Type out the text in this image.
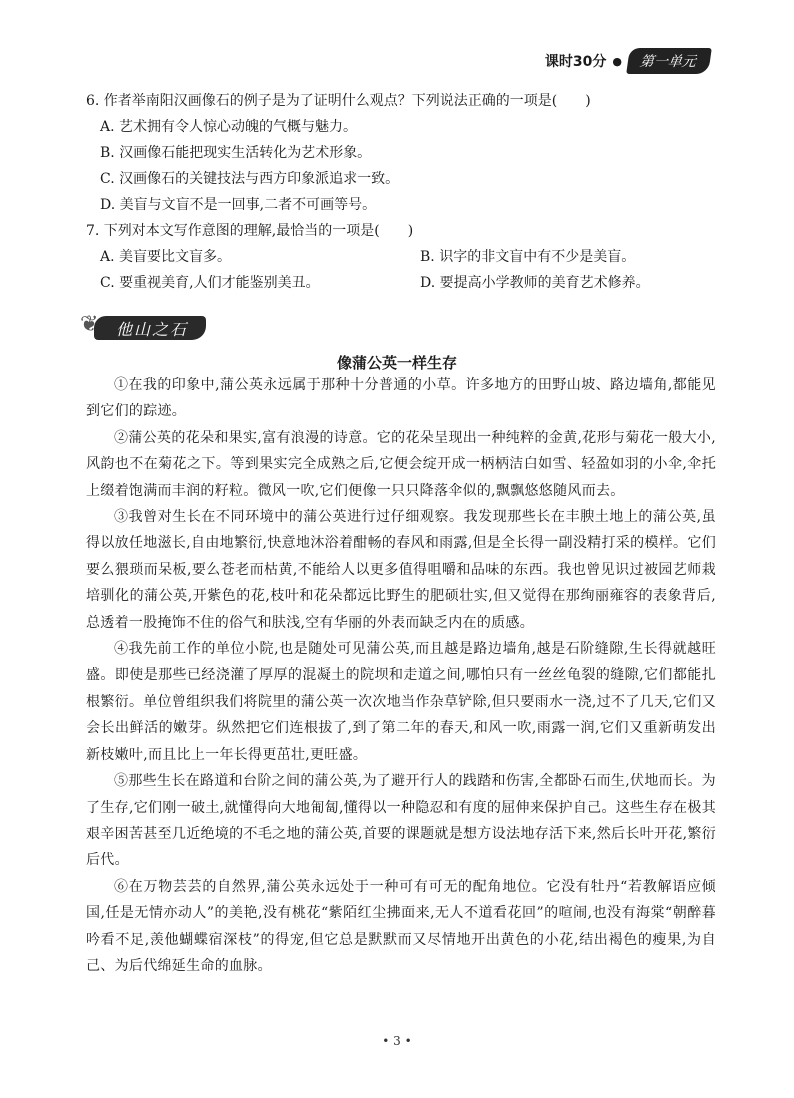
课时30分 ●	第一单元
6. 作者举南阳汉画像石的例子是为了证明什么观点？下列说法正确的一项是(　　)
A. 艺术拥有令人惊心动魄的气概与魅力。
B. 汉画像石能把现实生活转化为艺术形象。
C. 汉画像石的关键技法与西方印象派追求一致。
D. 美盲与文盲不是一回事,二者不可画等号。
7. 下列对本文写作意图的理解,最恰当的一项是(　　)
A. 美盲要比文盲多。	B. 识字的非文盲中有不少是美盲。
C. 要重视美育,人们才能鉴别美丑。	D. 要提高小学教师的美育艺术修养。
❦ 他山之石
像蒲公英一样生存

①在我的印象中,蒲公英永远属于那种十分普通的小草。许多地方的田野山坡、路边墙角,都能见到它们的踪迹。

②蒲公英的花朵和果实,富有浪漫的诗意。它的花朵呈现出一种纯粹的金黄,花形与菊花一般大小,风韵也不在菊花之下。等到果实完全成熟之后,它便会绽开成一柄柄洁白如雪、轻盈如羽的小伞,伞托上缀着饱满而丰润的籽粒。微风一吹,它们便像一只只降落伞似的,飘飘悠悠随风而去。

③我曾对生长在不同环境中的蒲公英进行过仔细观察。我发现那些长在丰腴土地上的蒲公英,虽得以放任地滋长,自由地繁衍,快意地沐浴着酣畅的春风和雨露,但是全长得一副没精打采的模样。它们要么猥琐而呆板,要么苍老而枯黄,不能给人以更多值得咀嚼和品味的东西。我也曾见识过被园艺师栽培驯化的蒲公英,开紫色的花,枝叶和花朵都远比野生的肥硕壮实,但又觉得在那绚丽雍容的表象背后,总透着一股掩饰不住的俗气和肤浅,空有华丽的外表而缺乏内在的质感。

④我先前工作的单位小院,也是随处可见蒲公英,而且越是路边墙角,越是石阶缝隙,生长得就越旺盛。即使是那些已经浇灌了厚厚的混凝土的院坝和走道之间,哪怕只有一丝丝龟裂的缝隙,它们都能扎根繁衍。单位曾组织我们将院里的蒲公英一次次地当作杂草铲除,但只要雨水一浇,过不了几天,它们又会长出鲜活的嫩芽。纵然把它们连根拔了,到了第二年的春天,和风一吹,雨露一润,它们又重新萌发出新枝嫩叶,而且比上一年长得更茁壮,更旺盛。

⑤那些生长在路道和台阶之间的蒲公英,为了避开行人的践踏和伤害,全都卧石而生,伏地而长。为了生存,它们刚一破土,就懂得向大地匍匐,懂得以一种隐忍和有度的屈伸来保护自己。这些生存在极其艰辛困苦甚至几近绝境的不毛之地的蒲公英,首要的课题就是想方设法地存活下来,然后长叶开花,繁衍后代。

⑥在万物芸芸的自然界,蒲公英永远处于一种可有可无的配角地位。它没有牡丹“若教解语应倾国,任是无情亦动人”的美艳,没有桃花“紫陌红尘拂面来,无人不道看花回”的喧闹,也没有海棠“朝醉暮吟看不足,羡他蝴蝶宿深枝”的得宠,但它总是默默而又尽情地开出黄色的小花,结出褐色的瘦果,为自己、为后代绵延生命的血脉。

• 3 •
